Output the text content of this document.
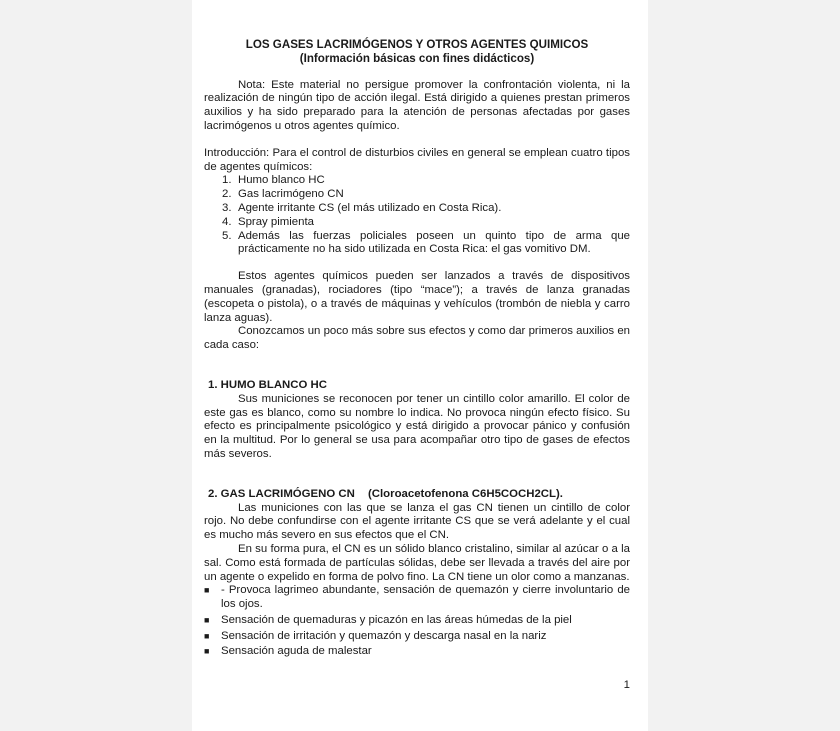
LOS GASES LACRIMÓGENOS Y OTROS AGENTES QUIMICOS
(Información básicas con fines didácticos)

Nota: Este material no persigue promover la confrontación violenta, ni la realización de ningún tipo de acción ilegal. Está dirigido a quienes prestan primeros auxilios y ha sido preparado para la atención de personas afectadas por gases lacrimógenos u otros agentes químico.

Introducción: Para el control de disturbios civiles en general se emplean cuatro tipos de agentes químicos:

1. Humo blanco HC
2. Gas lacrimógeno CN
3. Agente irritante CS (el más utilizado en Costa Rica).
4. Spray pimienta
5. Además las fuerzas policiales poseen un quinto tipo de arma que prácticamente no ha sido utilizada en Costa Rica: el gas vomitivo DM.

Estos agentes químicos pueden ser lanzados a través de dispositivos manuales (granadas), rociadores (tipo “mace”); a través de lanza granadas (escopeta o pistola), o a través de máquinas y vehículos (trombón de niebla y carro lanza aguas).

Conozcamos un poco más sobre sus efectos y como dar primeros auxilios en cada caso:

1. HUMO BLANCO HC

Sus municiones se reconocen por tener un cintillo color amarillo. El color de este gas es blanco, como su nombre lo indica. No provoca ningún efecto físico. Su efecto es principalmente psicológico y está dirigido a provocar pánico y confusión en la multitud. Por lo general se usa para acompañar otro tipo de gases de efectos más severos.

2. GAS LACRIMÓGENO CN (Cloroacetofenona C6H5COCH2CL).

Las municiones con las que se lanza el gas CN tienen un cintillo de color rojo. No debe confundirse con el agente irritante CS que se verá adelante y el cual es mucho más severo en sus efectos que el CN.

En su forma pura, el CN es un sólido blanco cristalino, similar al azúcar o a la sal. Como está formada de partículas sólidas, debe ser llevada a través del aire por un agente o expelido en forma de polvo fino. La CN tiene un olor como a manzanas.

■ - Provoca lagrimeo abundante, sensación de quemazón y cierre involuntario de los ojos.
■ Sensación de quemaduras y picazón en las áreas húmedas de la piel
■ Sensación de irritación y quemazón y descarga nasal en la nariz
■ Sensación aguda de malestar
1
